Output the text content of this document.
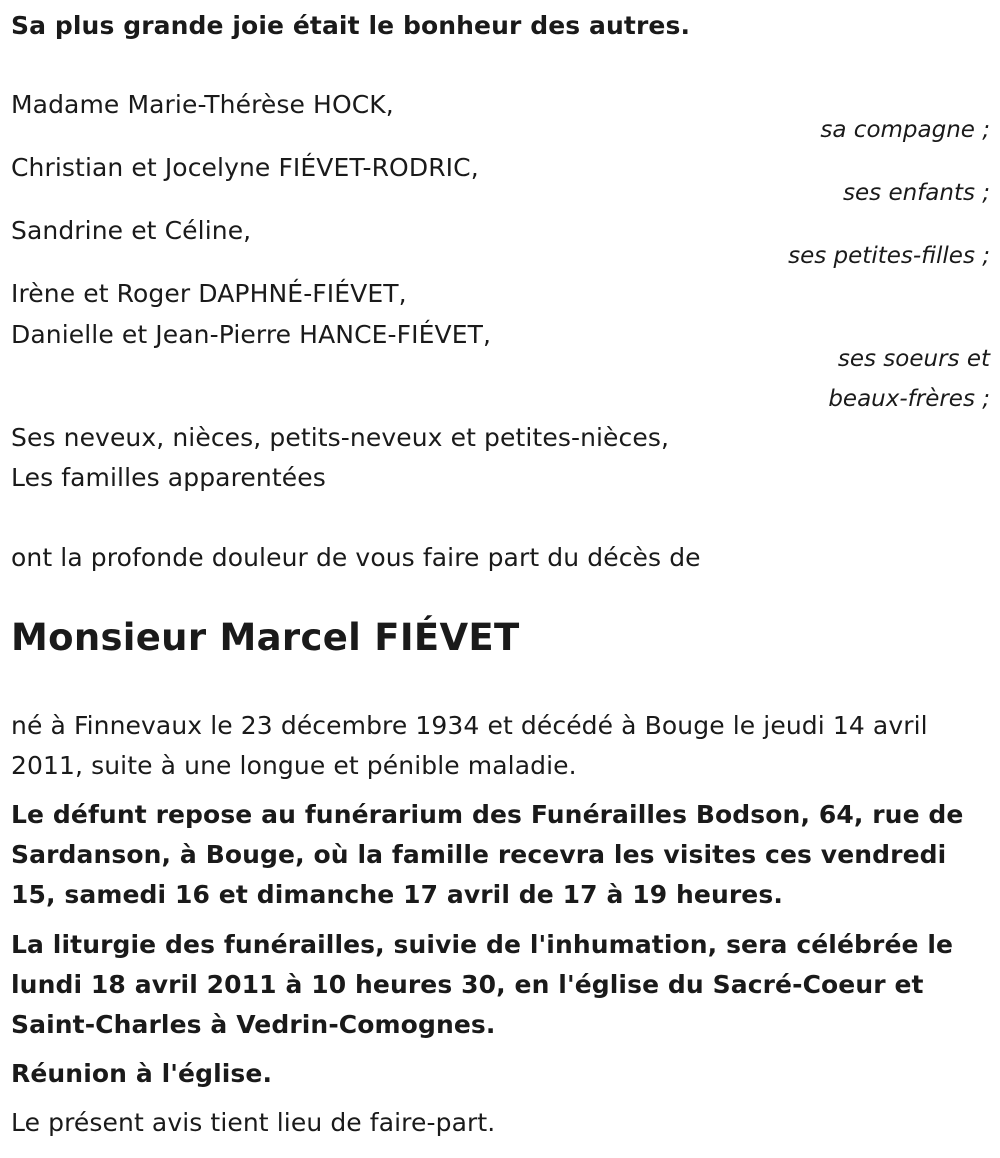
Sa plus grande joie était le bonheur des autres.
Madame Marie-Thérèse HOCK,
sa compagne ;
Christian et Jocelyne FIÉVET-RODRIC,
ses enfants ;
Sandrine et Céline,
ses petites-filles ;
Irène et Roger DAPHNÉ-FIÉVET,
Danielle et Jean-Pierre HANCE-FIÉVET,
ses soeurs et
beaux-frères ;
Ses neveux, nièces, petits-neveux et petites-nièces,
Les familles apparentées
ont la profonde douleur de vous faire part du décès de
Monsieur Marcel FIÉVET
né à Finnevaux le 23 décembre 1934 et décédé à Bouge le jeudi 14 avril 2011, suite à une longue et pénible maladie.
Le défunt repose au funérarium des Funérailles Bodson, 64, rue de Sardanson, à Bouge, où la famille recevra les visites ces vendredi 15, samedi 16 et dimanche 17 avril de 17 à 19 heures.
La liturgie des funérailles, suivie de l'inhumation, sera célébrée le lundi 18 avril 2011 à 10 heures 30, en l'église du Sacré-Coeur et Saint-Charles à Vedrin-Comognes.
Réunion à l'église.
Le présent avis tient lieu de faire-part.
